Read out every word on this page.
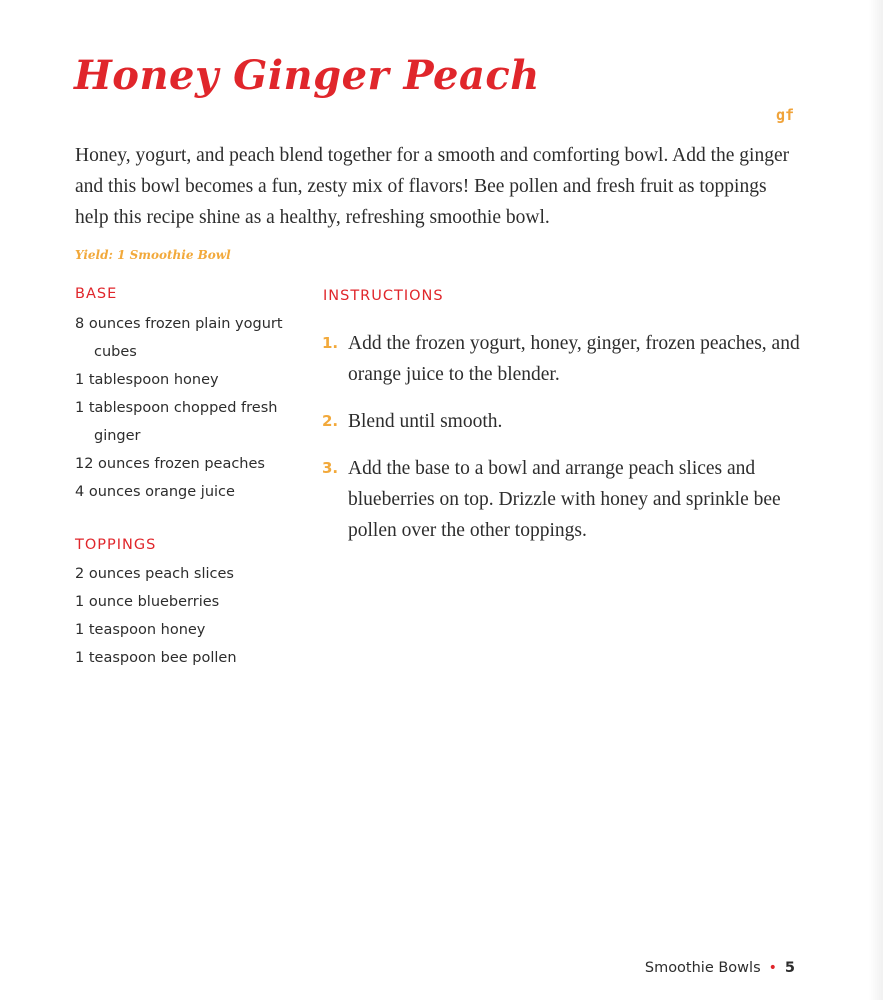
Honey Ginger Peach
gf

Honey, yogurt, and peach blend together for a smooth and comforting bowl. Add the ginger and this bowl becomes a fun, zesty mix of flavors! Bee pollen and fresh fruit as toppings help this recipe shine as a healthy, refreshing smoothie bowl.

Yield: 1 Smoothie Bowl
BASE
8 ounces frozen plain yogurt cubes
1 tablespoon honey
1 tablespoon chopped fresh ginger
12 ounces frozen peaches
4 ounces orange juice
TOPPINGS
2 ounces peach slices
1 ounce blueberries
1 teaspoon honey
1 teaspoon bee pollen
INSTRUCTIONS
1. Add the frozen yogurt, honey, ginger, frozen peaches, and orange juice to the blender.
2. Blend until smooth.
3. Add the base to a bowl and arrange peach slices and blueberries on top. Drizzle with honey and sprinkle bee pollen over the other toppings.
Smoothie Bowls • 5
